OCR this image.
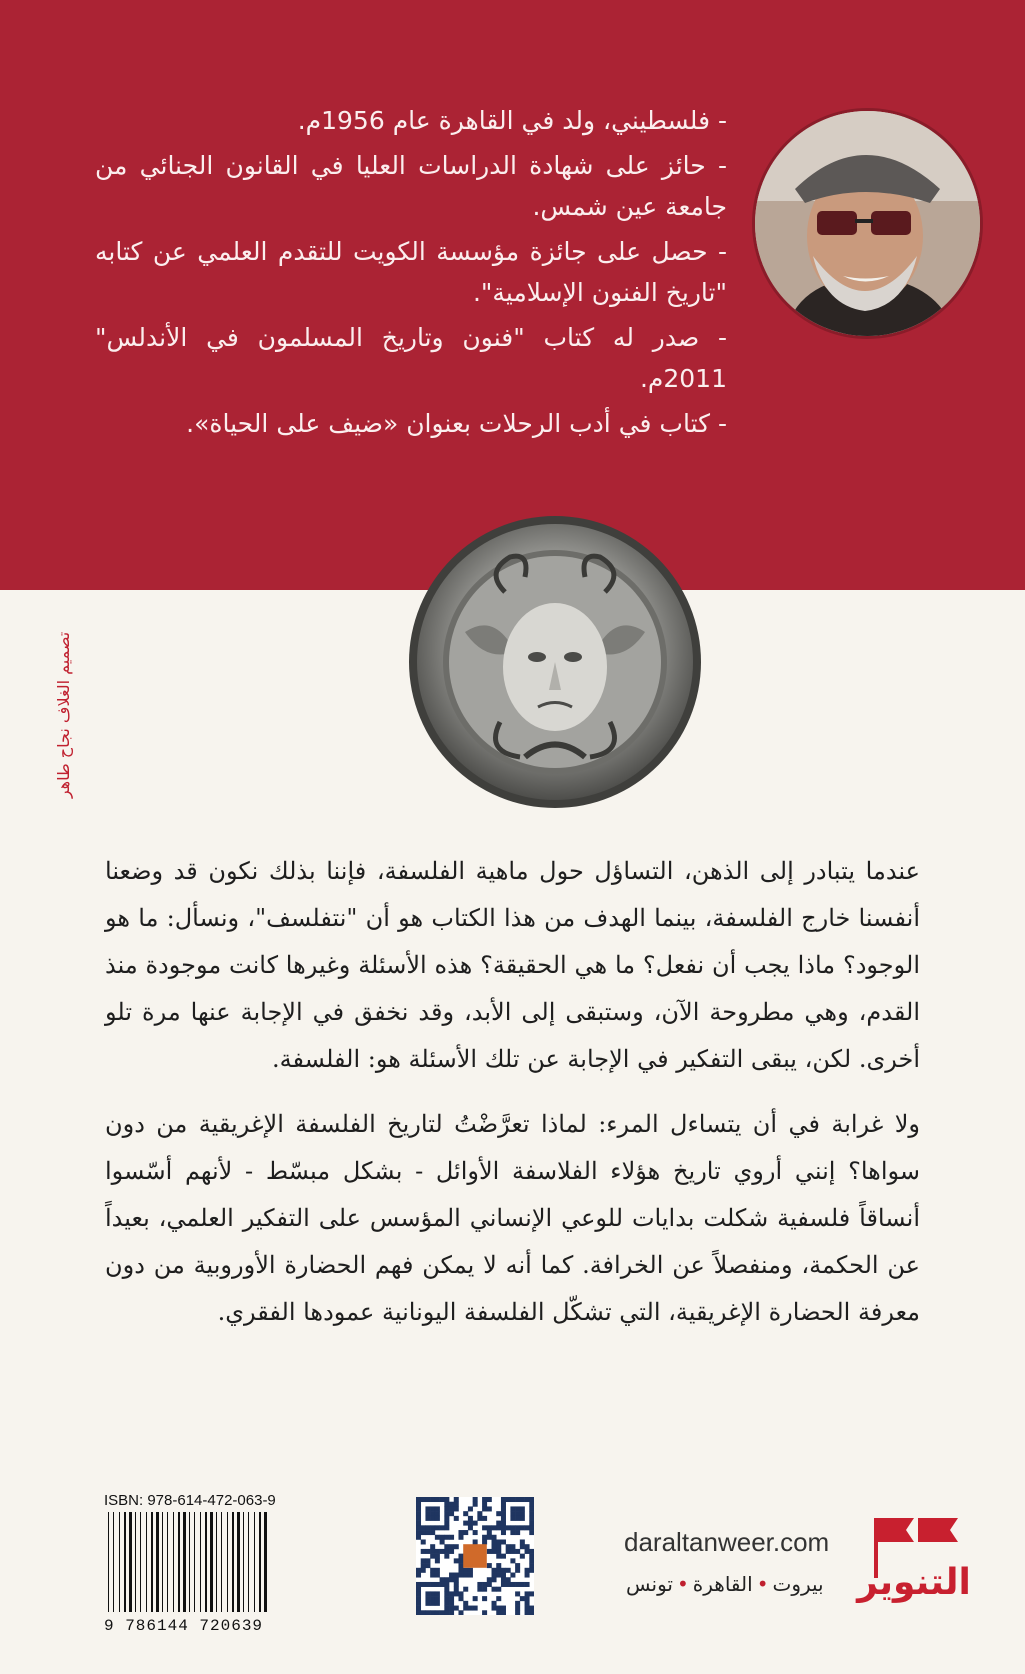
- فلسطيني، ولد في القاهرة عام 1956م.
- حائز على شهادة الدراسات العليا في القانون الجنائي من جامعة عين شمس.
- حصل على جائزة مؤسسة الكويت للتقدم العلمي عن كتابه "تاريخ الفنون الإسلامية".
- صدر له كتاب "فنون وتاريخ المسلمون في الأندلس" 2011م.
- كتاب في أدب الرحلات بعنوان «ضيف على الحياة».
تصميم الغلاف نجاح طاهر

عندما يتبادر إلى الذهن، التساؤل حول ماهية الفلسفة، فإننا بذلك نكون قد وضعنا أنفسنا خارج الفلسفة، بينما الهدف من هذا الكتاب هو أن "نتفلسف"، ونسأل: ما هو الوجود؟ ماذا يجب أن نفعل؟ ما هي الحقيقة؟ هذه الأسئلة وغيرها كانت موجودة منذ القدم، وهي مطروحة الآن، وستبقى إلى الأبد، وقد نخفق في الإجابة عنها مرة تلو أخرى. لكن، يبقى التفكير في الإجابة عن تلك الأسئلة هو: الفلسفة.

ولا غرابة في أن يتساءل المرء: لماذا تعرَّضْتُ لتاريخ الفلسفة الإغريقية من دون سواها؟ إنني أروي تاريخ هؤلاء الفلاسفة الأوائل - بشكل مبسّط - لأنهم أسّسوا أنساقاً فلسفية شكلت بدايات للوعي الإنساني المؤسس على التفكير العلمي، بعيداً عن الحكمة، ومنفصلاً عن الخرافة. كما أنه لا يمكن فهم الحضارة الأوروبية من دون معرفة الحضارة الإغريقية، التي تشكّل الفلسفة اليونانية عمودها الفقري.

ISBN: 978-614-472-063-9
9 786144 720639
daraltanweer.com
بيروت•القاهرة•تونس	التنوير
